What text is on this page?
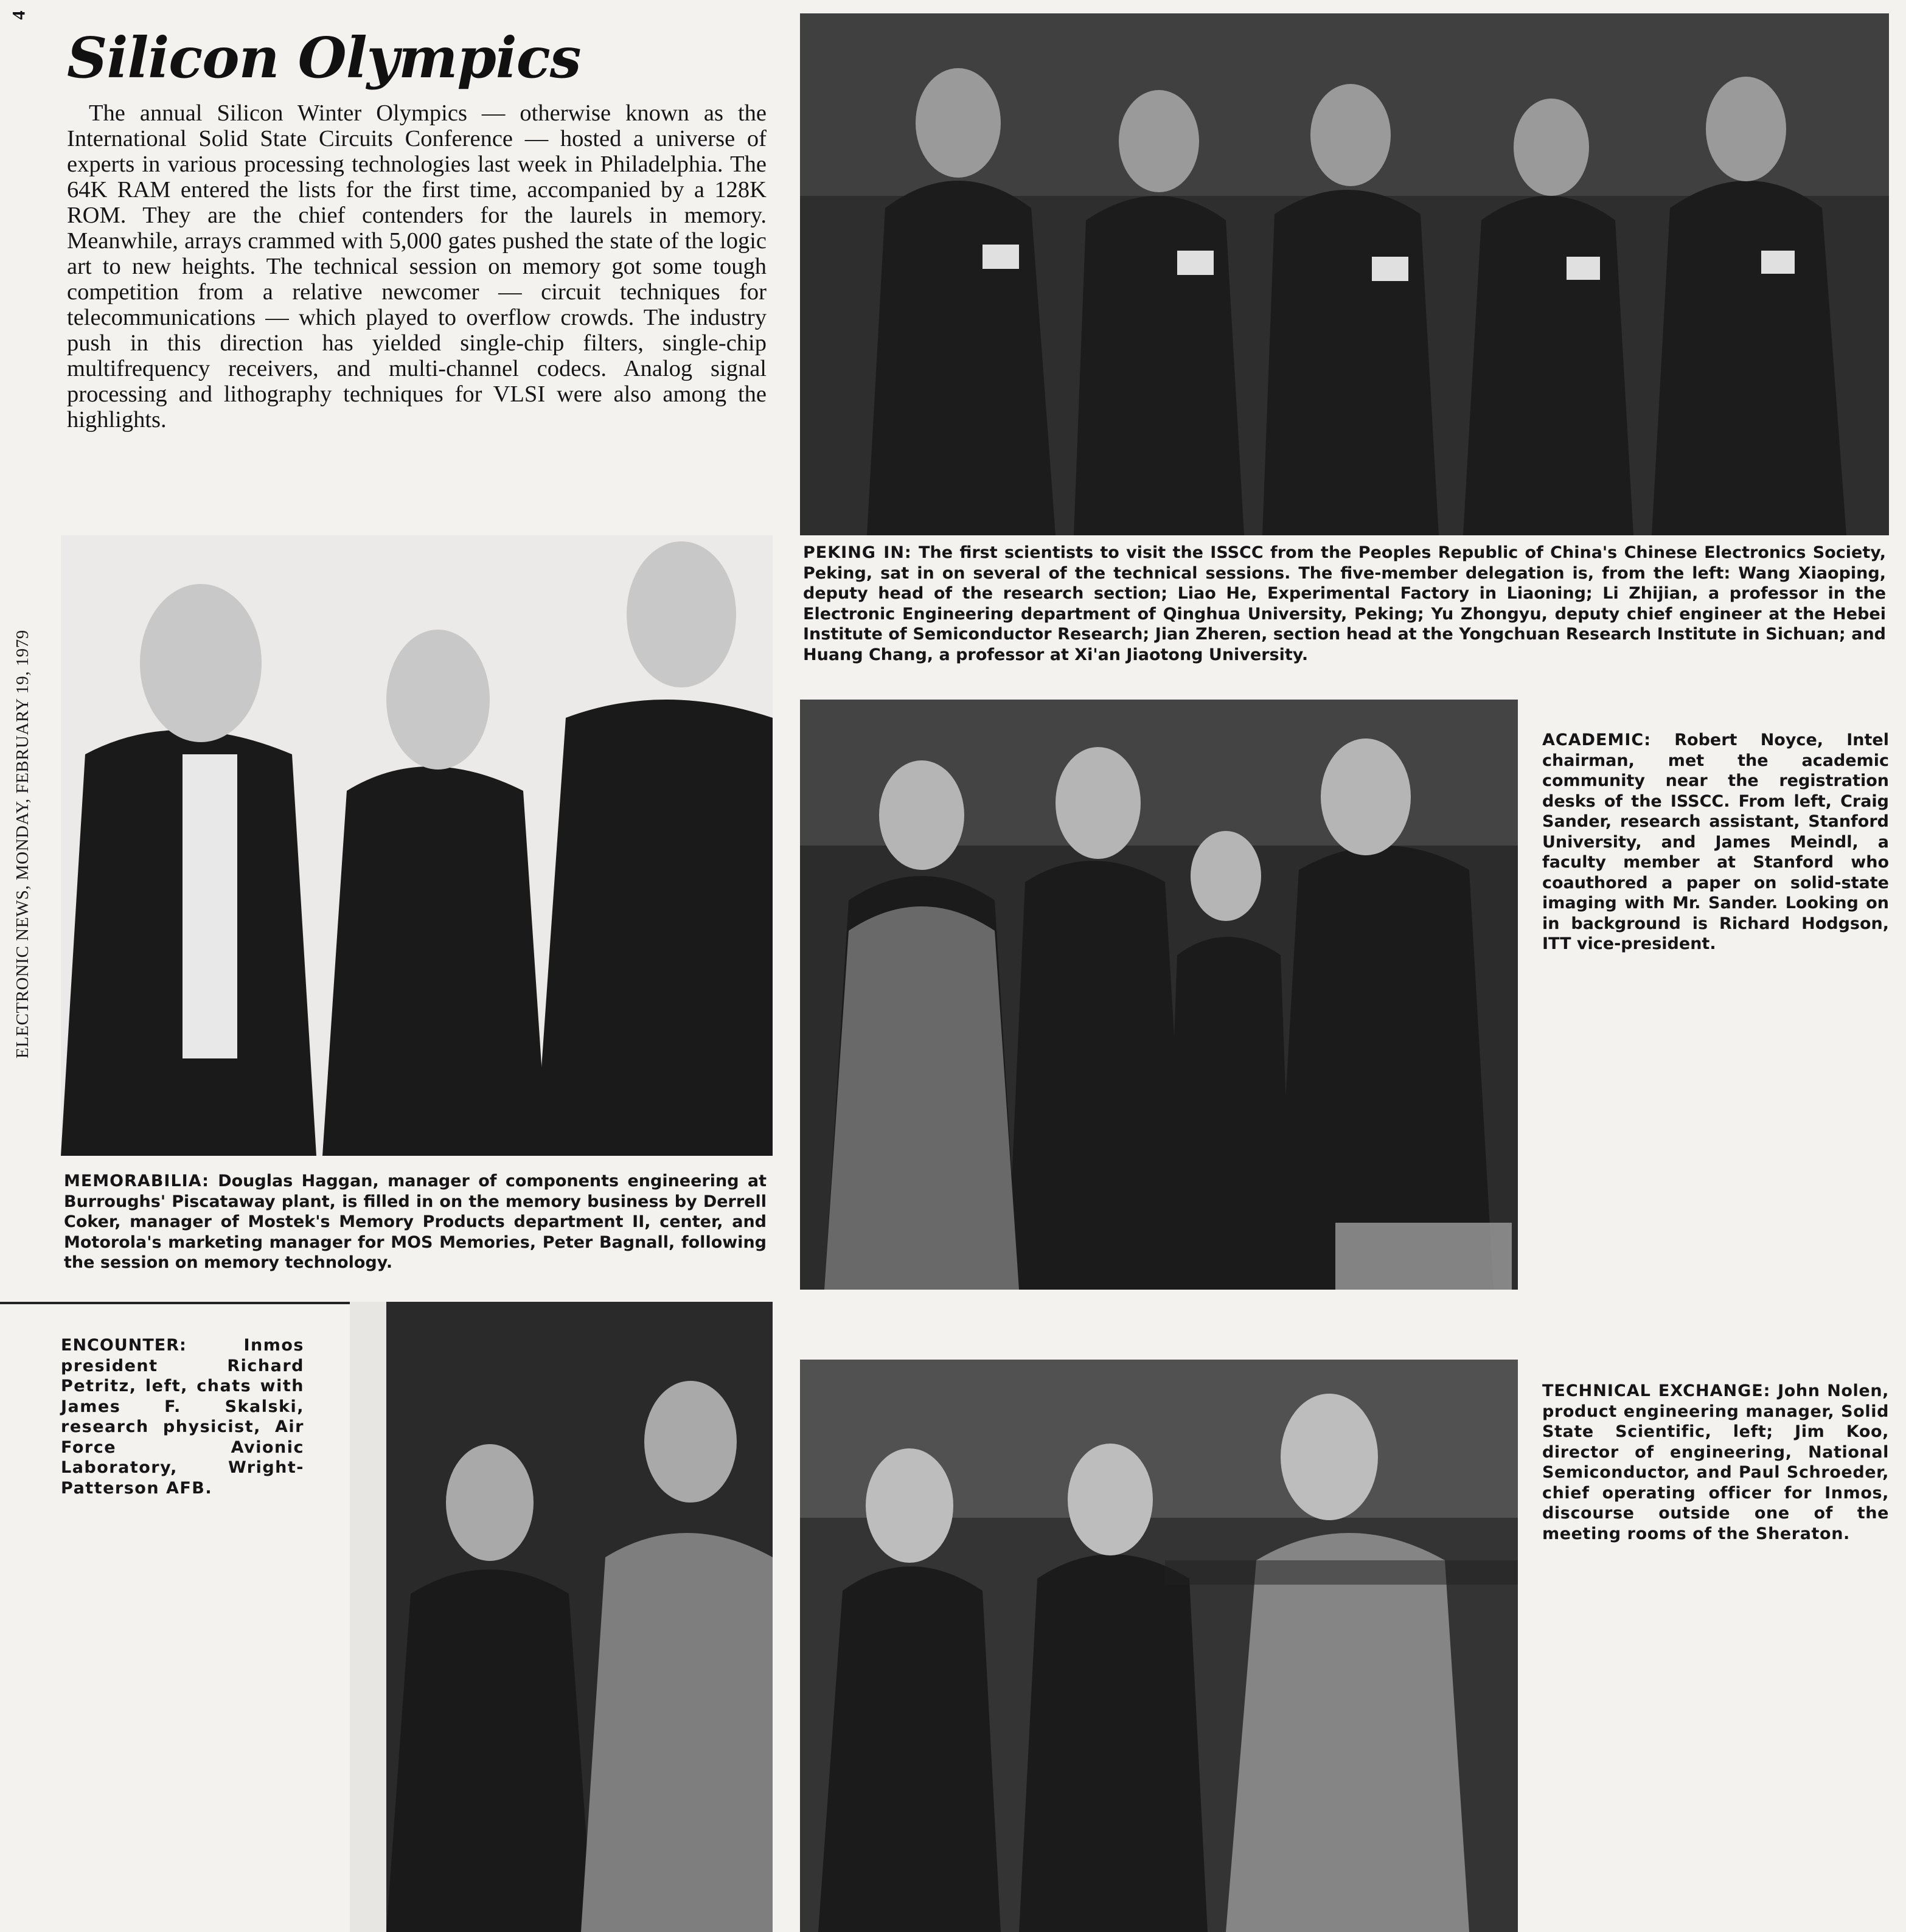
4
ELECTRONIC NEWS, MONDAY, FEBRUARY 19, 1979
Silicon Olympics

The annual Silicon Winter Olympics — otherwise known as the International Solid State Circuits Conference — hosted a universe of experts in various processing technologies last week in Philadelphia. The 64K RAM entered the lists for the first time, accompanied by a 128K ROM. They are the chief contenders for the laurels in memory. Meanwhile, arrays crammed with 5,000 gates pushed the state of the logic art to new heights. The technical session on memory got some tough competition from a relative newcomer — circuit techniques for telecommunications — which played to overflow crowds. The industry push in this direction has yielded single-chip filters, single-chip multifrequency receivers, and multi-channel codecs. Analog signal processing and lithography techniques for VLSI were also among the highlights.

PEKING IN: The first scientists to visit the ISSCC from the Peoples Republic of China's Chinese Electronics Society, Peking, sat in on several of the technical sessions. The five-member delegation is, from the left: Wang Xiaoping, deputy head of the research section; Liao He, Experimental Factory in Liaoning; Li Zhijian, a professor in the Electronic Engineering department of Qinghua University, Peking; Yu Zhongyu, deputy chief engineer at the Hebei Institute of Semiconductor Research; Jian Zheren, section head at the Yongchuan Research Institute in Sichuan; and Huang Chang, a professor at Xi'an Jiaotong University.

MEMORABILIA: Douglas Haggan, manager of components engineering at Burroughs' Piscataway plant, is filled in on the memory business by Derrell Coker, manager of Mostek's Memory Products department II, center, and Motorola's marketing manager for MOS Memories, Peter Bagnall, following the session on memory technology.

ACADEMIC: Robert Noyce, Intel chairman, met the academic community near the registration desks of the ISSCC. From left, Craig Sander, research assistant, Stanford University, and James Meindl, a faculty member at Stanford who coauthored a paper on solid-state imaging with Mr. Sander. Looking on in background is Richard Hodgson, ITT vice-president.

ENCOUNTER: Inmos president Richard Petritz, left, chats with James F. Skalski, research physicist, Air Force Avionic Laboratory, Wright-Patterson AFB.

TECHNICAL EXCHANGE: John Nolen, product engineering manager, Solid State Scientific, left; Jim Koo, director of engineering, National Semiconductor, and Paul Schroeder, chief operating officer for Inmos, discourse outside one of the meeting rooms of the Sheraton.
